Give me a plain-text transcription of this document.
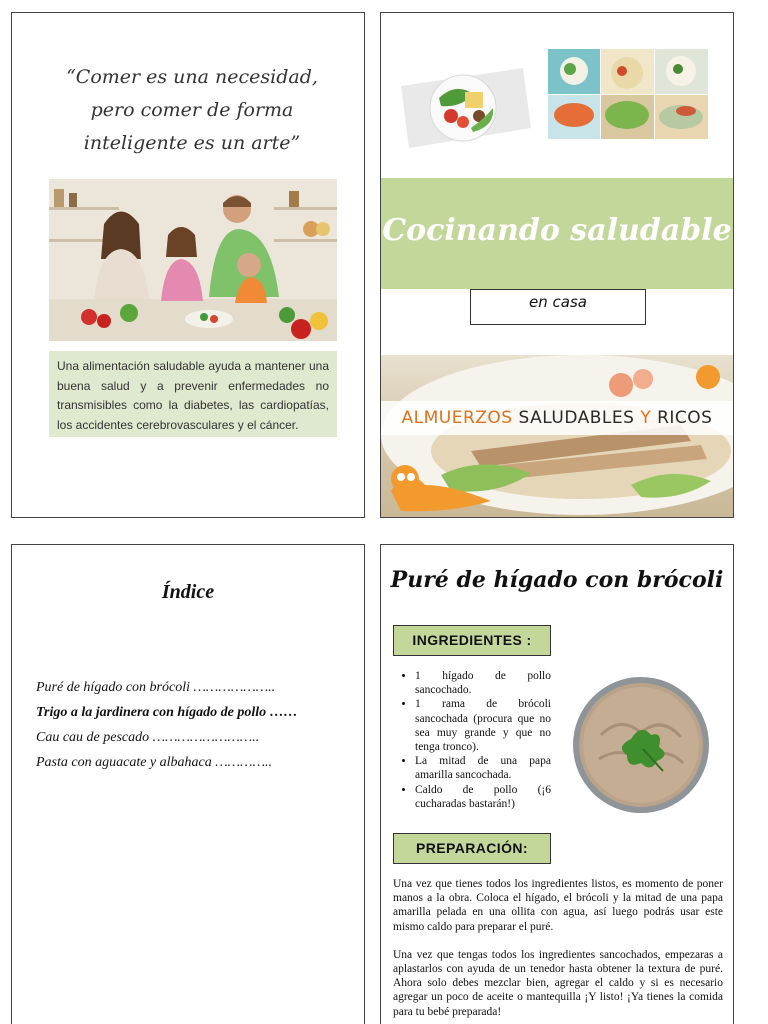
“Comer es una necesidad, pero comer de forma inteligente es un arte”
Una alimentación saludable ayuda a mantener una buena salud y a prevenir enfermedades no transmisibles como la diabetes, las cardiopatías, los accidentes cerebrovasculares y el cáncer.
Cocinando saludable
en casa
ALMUERZOS SALUDABLES Y RICOS
Índice
Puré de hígado con brócoli ………………..
Trigo a la jardinera con hígado de pollo ……
Cau cau de pescado ……………………..
Pasta con aguacate y albahaca …………..
Puré de hígado con brócoli
INGREDIENTES :
• 1 hígado de pollo sancochado.
• 1 rama de brócoli sancochada (procura que no sea muy grande y que no tenga tronco).
• La mitad de una papa amarilla sancochada.
• Caldo de pollo (¡6 cucharadas bastarán!)
PREPARACIÓN:

Una vez que tienes todos los ingredientes listos, es momento de poner manos a la obra. Coloca el hígado, el brócoli y la mitad de una papa amarilla pelada en una ollita con agua, así luego podrás usar este mismo caldo para preparar el puré.

Una vez que tengas todos los ingredientes sancochados, empezaras a aplastarlos con ayuda de un tenedor hasta obtener la textura de puré. Ahora solo debes mezclar bien, agregar el caldo y si es necesario agregar un poco de aceite o mantequilla ¡Y listo! ¡Ya tienes la comida para tu bebé preparada!
